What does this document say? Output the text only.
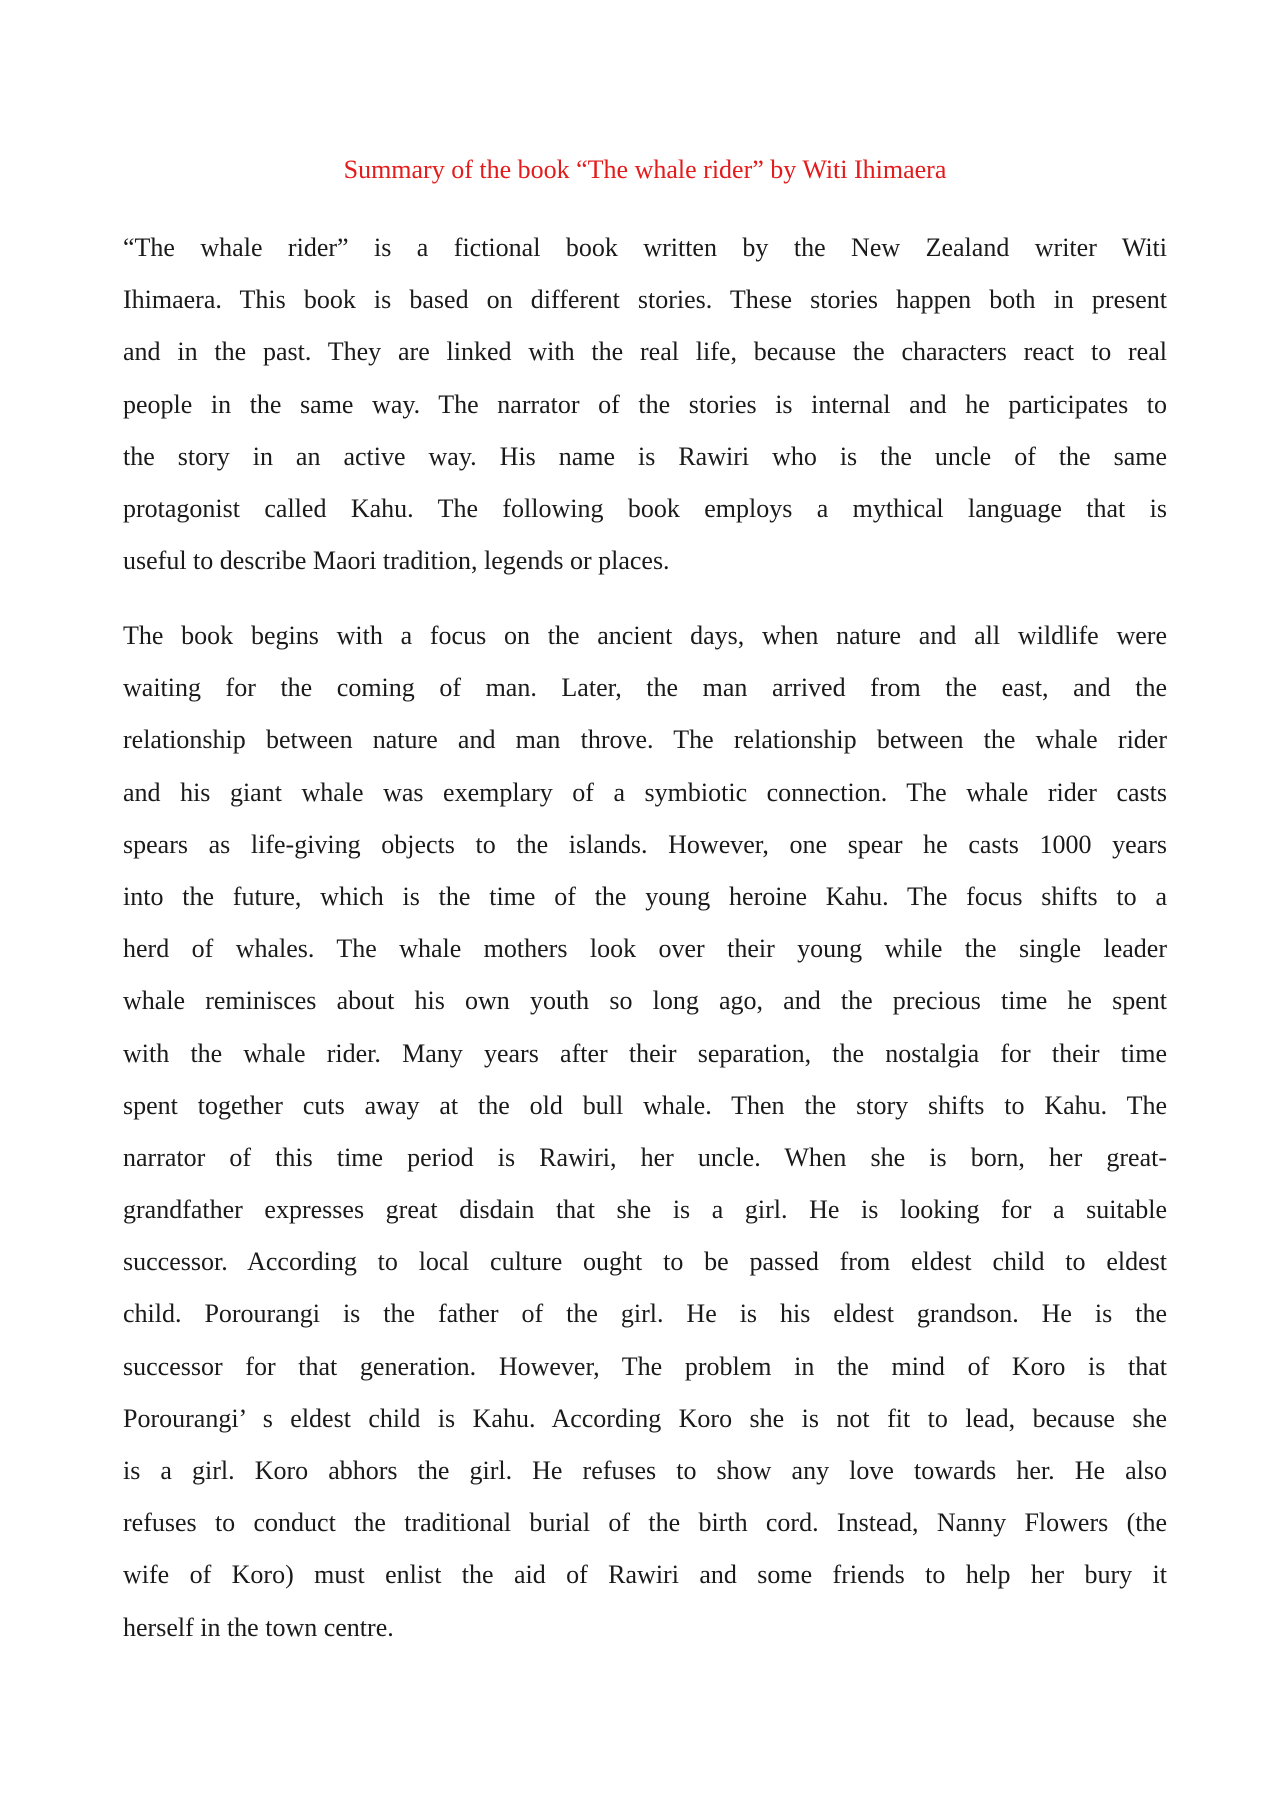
Summary of the book “The whale rider” by Witi Ihimaera

“The whale rider” is a fictional book written by the New Zealand writer Witi
Ihimaera. This book is based on different stories. These stories happen both in present
and in the past. They are linked with the real life, because the characters react to real
people in the same way. The narrator of the stories is internal and he participates to
the story in an active way. His name is Rawiri who is the uncle of the same
protagonist called Kahu. The following book employs a mythical language that is
useful to describe Maori tradition, legends or places.

The book begins with a focus on the ancient days, when nature and all wildlife were
waiting for the coming of man. Later, the man arrived from the east, and the
relationship between nature and man throve. The relationship between the whale rider
and his giant whale was exemplary of a symbiotic connection. The whale rider casts
spears as life-giving objects to the islands. However, one spear he casts 1000 years
into the future, which is the time of the young heroine Kahu. The focus shifts to a
herd of whales. The whale mothers look over their young while the single leader
whale reminisces about his own youth so long ago, and the precious time he spent
with the whale rider. Many years after their separation, the nostalgia for their time
spent together cuts away at the old bull whale. Then the story shifts to Kahu. The
narrator of this time period is Rawiri, her uncle. When she is born, her great-
grandfather expresses great disdain that she is a girl. He is looking for a suitable
successor. According to local culture ought to be passed from eldest child to eldest
child. Porourangi is the father of the girl. He is his eldest grandson. He is the
successor for that generation. However, The problem in the mind of Koro is that
Porourangi’ s eldest child is Kahu. According Koro she is not fit to lead, because she
is a girl. Koro abhors the girl. He refuses to show any love towards her. He also
refuses to conduct the traditional burial of the birth cord. Instead, Nanny Flowers (the
wife of Koro) must enlist the aid of Rawiri and some friends to help her bury it
herself in the town centre.
